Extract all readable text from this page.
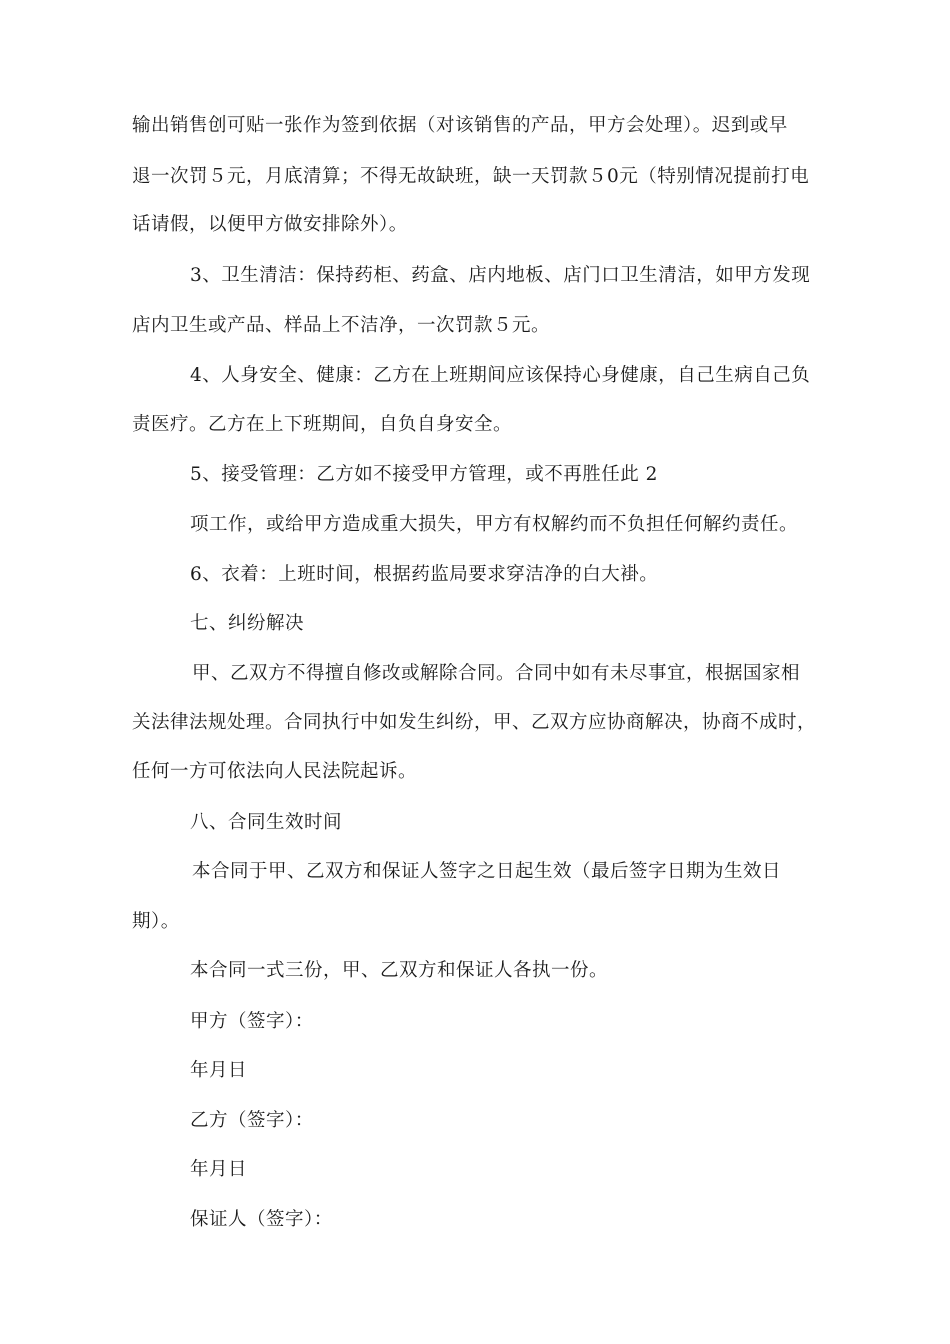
输出销售创可贴一张作为签到依据（对该销售的产品，甲方会处理）。迟到或早
退一次罚５元，月底清算；不得无故缺班，缺一天罚款５0元（特别情况提前打电
话请假，以便甲方做安排除外）。
3、卫生清洁：保持药柜、药盒、店内地板、店门口卫生清洁，如甲方发现
店内卫生或产品、样品上不洁净，一次罚款５元。
4、人身安全、健康：乙方在上班期间应该保持心身健康，自己生病自己负
责医疗。乙方在上下班期间，自负自身安全。
5、接受管理：乙方如不接受甲方管理，或不再胜任此 2
项工作，或给甲方造成重大损失，甲方有权解约而不负担任何解约责任。
6、衣着：上班时间，根据药监局要求穿洁净的白大褂。
七、纠纷解决
甲、乙双方不得擅自修改或解除合同。合同中如有未尽事宜，根据国家相
关法律法规处理。合同执行中如发生纠纷，甲、乙双方应协商解决，协商不成时，
任何一方可依法向人民法院起诉。
八、合同生效时间
本合同于甲、乙双方和保证人签字之日起生效（最后签字日期为生效日
期）。
本合同一式三份，甲、乙双方和保证人各执一份。
甲方（签字）：
年月日
乙方（签字）：
年月日
保证人（签字）：
